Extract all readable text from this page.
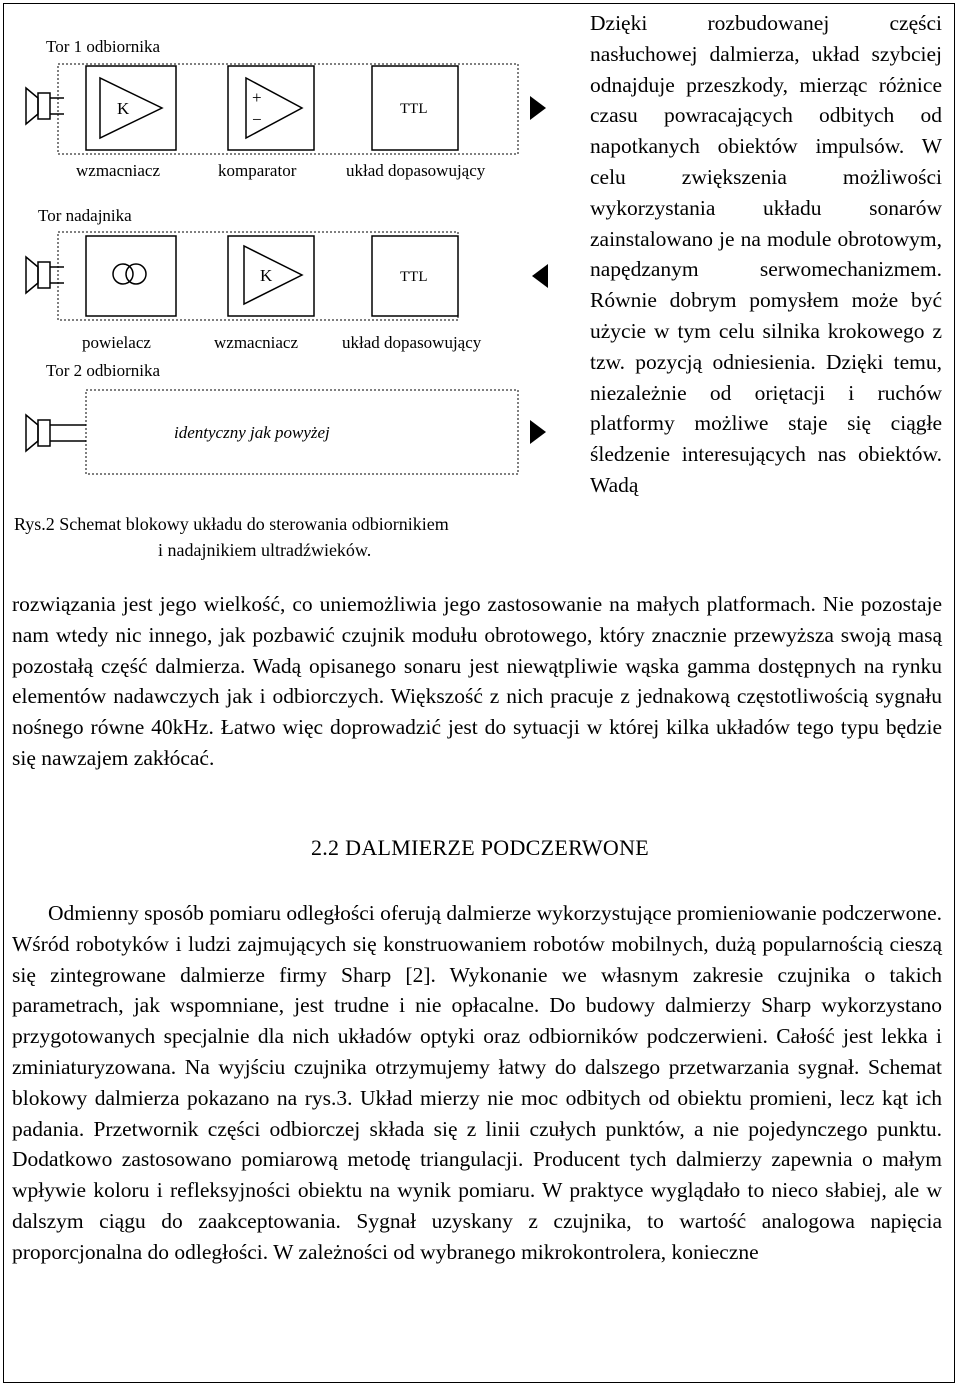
Tor 1 odbiornika
K
+
−
TTL
wzmacniacz	komparator	układ dopasowujący
Tor nadajnika
K	TTL
powielacz	wzmacniacz	układ dopasowujący
Tor 2 odbiornika
identyczny jak powyżej
Rys.2 Schemat blokowy układu do sterowania odbiornikiem
i nadajnikiem ultradźwieków.

Dzięki rozbudowanej części nasłuchowej dalmierza, układ szybciej odnajduje przeszkody, mierząc różnice czasu powracających odbitych od napotkanych obiektów impulsów. W celu zwiększenia możliwości wykorzystania układu sonarów zainstalowano je na module obrotowym, napędzanym serwomechanizmem. Równie dobrym pomysłem może być użycie w tym celu silnika krokowego z tzw. pozycją odniesienia. Dzięki temu, niezależnie od oriętacji i ruchów platformy możliwe staje się ciągłe śledzenie interesujących nas obiektów. Wadą

rozwiązania jest jego wielkość, co uniemożliwia jego zastosowanie na małych platformach. Nie pozostaje nam wtedy nic innego, jak pozbawić czujnik modułu obrotowego, który znacznie przewyższa swoją masą pozostałą część dalmierza. Wadą opisanego sonaru jest niewątpliwie wąska gamma dostępnych na rynku elementów nadawczych jak i odbiorczych. Większość z nich pracuje z jednakową częstotliwością sygnału nośnego równe 40kHz. Łatwo więc doprowadzić jest do sytuacji w której kilka układów tego typu będzie się nawzajem zakłócać.

2.2 DALMIERZE PODCZERWONE

Odmienny sposób pomiaru odległości oferują dalmierze wykorzystujące promieniowanie podczerwone. Wśród robotyków i ludzi zajmujących się konstruowaniem robotów mobilnych, dużą popularnością cieszą się zintegrowane dalmierze firmy Sharp [2]. Wykonanie we własnym zakresie czujnika o takich parametrach, jak wspomniane, jest trudne i nie opłacalne. Do budowy dalmierzy Sharp wykorzystano przygotowanych specjalnie dla nich układów optyki oraz odbiorników podczerwieni. Całość jest lekka i zminiaturyzowana. Na wyjściu czujnika otrzymujemy łatwy do dalszego przetwarzania sygnał. Schemat blokowy dalmierza pokazano na rys.3. Układ mierzy nie moc odbitych od obiektu promieni, lecz kąt ich padania. Przetwornik części odbiorczej składa się z linii czułych punktów, a nie pojedynczego punktu. Dodatkowo zastosowano pomiarową metodę triangulacji. Producent tych dalmierzy zapewnia o małym wpływie koloru i refleksyjności obiektu na wynik pomiaru. W praktyce wyglądało to nieco słabiej, ale w dalszym ciągu do zaakceptowania. Sygnał uzyskany z czujnika, to wartość analogowa napięcia proporcjonalna do odległości. W zależności od wybranego mikrokontrolera, konieczne
